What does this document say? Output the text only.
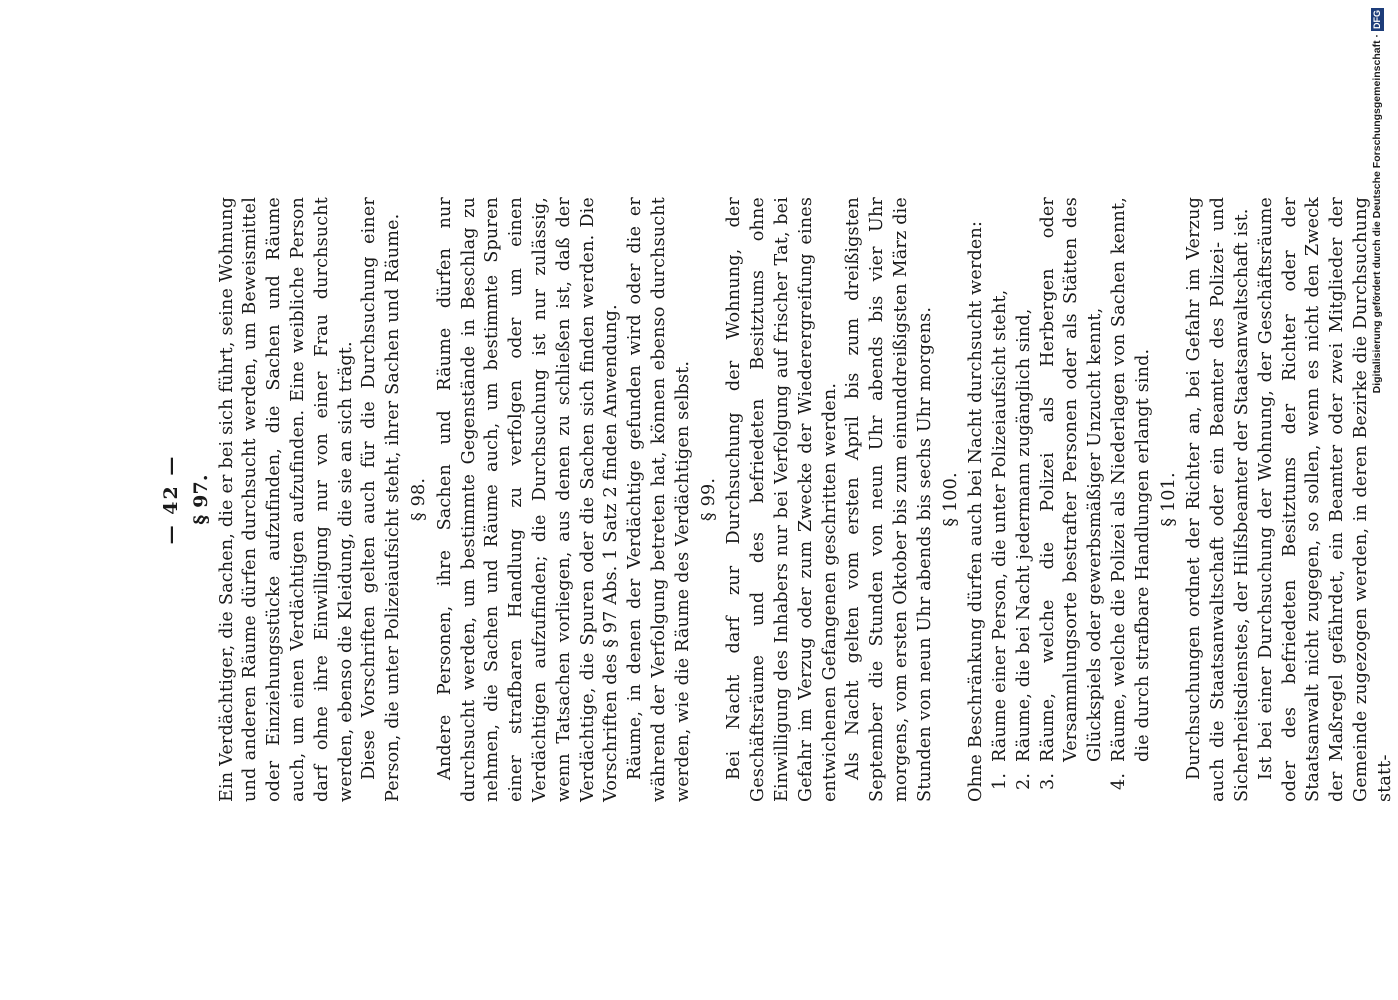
— 42 — § 97. Ein Verdächtiger, die Sachen, die er bei sich führt, seine Wohnung und anderen Räume dürfen durchsucht werden, um Beweismittel oder Einziehungsstücke aufzufinden, die Sachen und Räume auch, um einen Verdächtigen aufzufinden. Eine weibliche Person darf ohne ihre Einwilligung nur von einer Frau durchsucht werden, ebenso die Kleidung, die sie an sich trägt. Diese Vorschriften gelten auch für die Durchsuchung einer Person, die unter Polizeiaufsicht steht, ihrer Sachen und Räume. § 98. Andere Personen, ihre Sachen und Räume dürfen nur durchsucht werden, um bestimmte Gegenstände in Beschlag zu nehmen, die Sachen und Räume auch, um bestimmte Spuren einer strafbaren Handlung zu verfolgen oder um einen Verdächtigen aufzufinden; die Durchsuchung ist nur zulässig, wenn Tatsachen vorliegen, aus denen zu schließen ist, daß der Verdächtige, die Spuren oder die Sachen sich finden werden. Die Vorschriften des § 97 Abs. 1 Satz 2 finden Anwendung. Räume, in denen der Verdächtige gefunden wird oder die er während der Verfolgung betreten hat, können ebenso durchsucht werden, wie die Räume des Verdächtigen selbst. § 99. Bei Nacht darf zur Durchsuchung der Wohnung, der Geschäftsräume und des befriedeten Besitztums ohne Einwilligung des Inhabers nur bei Verfolgung auf frischer Tat, bei Gefahr im Verzug oder zum Zwecke der Wiederergreifung eines entwichenen Gefangenen geschritten werden. Als Nacht gelten vom ersten April bis zum dreißigsten September die Stunden von neun Uhr abends bis vier Uhr morgens, vom ersten Oktober bis zum einunddreißigsten März die Stunden von neun Uhr abends bis sechs Uhr morgens. § 100. Ohne Beschränkung dürfen auch bei Nacht durchsucht werden: 1.
Räume einer Person, die unter Polizeiaufsicht steht,
2.
Räume, die bei Nacht jedermann zugänglich sind,
3.
Räume, welche die Polizei als Herbergen oder Versammlungsorte bestrafter Personen oder als Stätten des Glückspiels oder gewerbsmäßiger Unzucht kennt,
4.
Räume, welche die Polizei als Niederlagen von Sachen kennt, die durch strafbare Handlungen erlangt sind. § 101. Durchsuchungen ordnet der Richter an, bei Gefahr im Verzug auch die Staatsanwaltschaft oder ein Beamter des Polizei- und Sicherheitsdienstes, der Hilfsbeamter der Staatsanwaltschaft ist. Ist bei einer Durchsuchung der Wohnung, der Geschäftsräume oder des befriedeten Besitztums der Richter oder der Staatsanwalt nicht zugegen, so sollen, wenn es nicht den Zweck der Maßregel gefährdet, ein Beamter oder zwei Mitglieder der Gemeinde zugezogen werden, in deren Bezirke die Durchsuchung statt-

Digitalisierung gefördert durch die Deutsche Forschungsgemeinschaft ·
DFG
